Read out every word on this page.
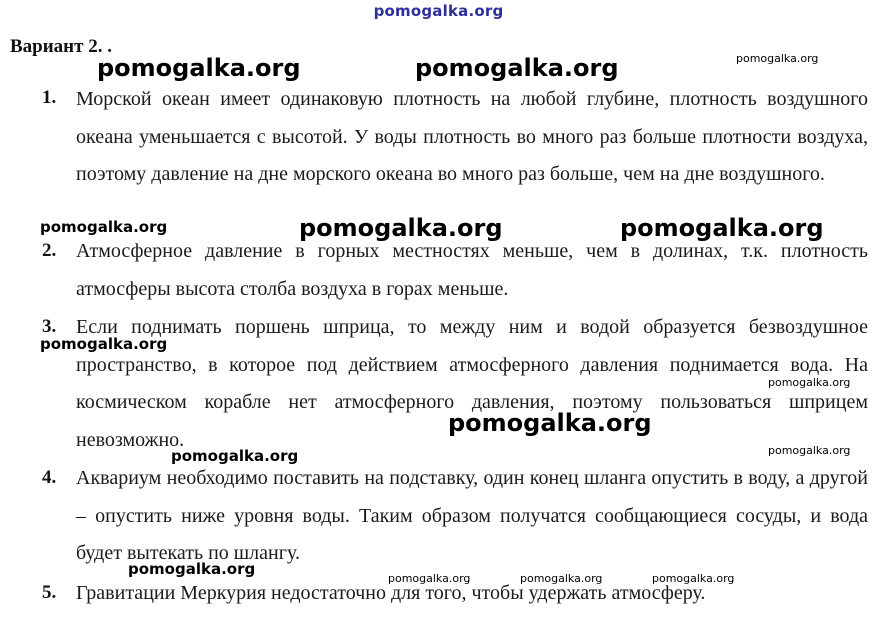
pomogalka.org
Вариант 2. .
1. Морской океан имеет одинаковую плотность на любой глубине, плотность воздушного океана уменьшается с высотой. У воды плотность во много раз больше плотности воздуха, поэтому давление на дне морского океана во много раз больше, чем на дне воздушного.
2. Атмосферное давление в горных местностях меньше, чем в долинах, т.к. плотность атмосферы высота столба воздуха в горах меньше.
3. Если поднимать поршень шприца, то между ним и водой образуется безвоздушное пространство, в которое под действием атмосферного давления поднимается вода. На космическом корабле нет атмосферного давления, поэтому пользоваться шприцем невозможно.
4. Аквариум необходимо поставить на подставку, один конец шланга опустить в воду, а другой – опустить ниже уровня воды. Таким образом получатся сообщающиеся сосуды, и вода будет вытекать по шлангу.
5. Гравитации Меркурия недостаточно для того, чтобы удержать атмосферу.
pomogalka.org	pomogalka.org	pomogalka.org
pomogalka.org	pomogalka.org	pomogalka.org
pomogalka.org
pomogalka.org
pomogalka.org
pomogalka.org
pomogalka.org
pomogalka.org
pomogalka.org	pomogalka.org	pomogalka.org
